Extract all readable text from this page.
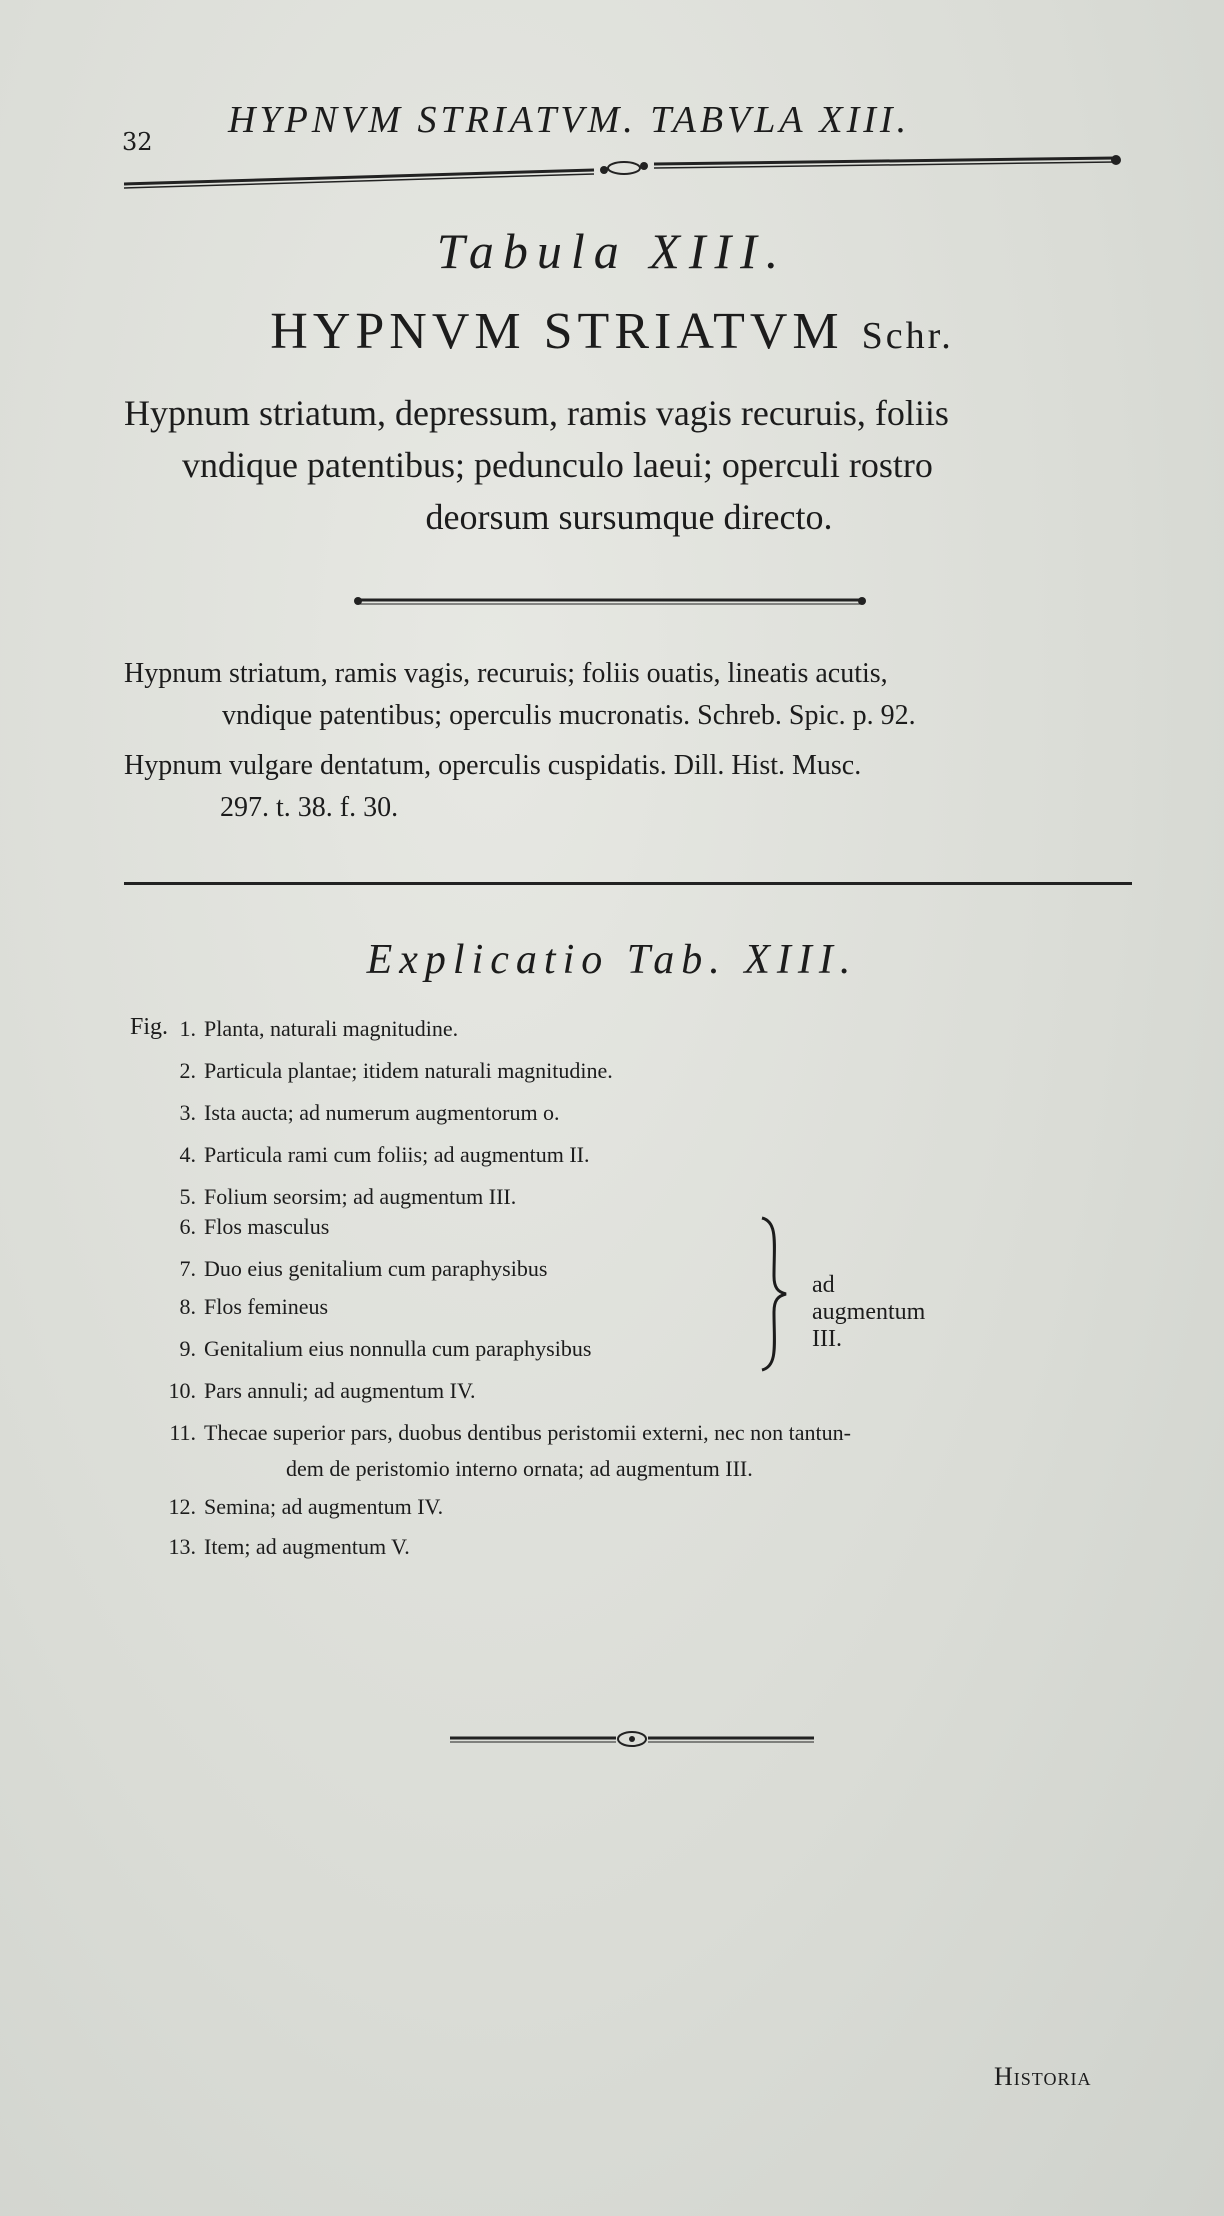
32
HYPNVM STRIATVM. TABVLA XIII.
Tabula XIII.
HYPNVM STRIATVM Schr.
Hypnum striatum, depressum, ramis vagis recuruis, foliis
vndique patentibus; pedunculo laeui; operculi rostro
deorsum sursumque directo.
Hypnum striatum, ramis vagis, recuruis; foliis ouatis, lineatis acutis,
vndique patentibus; operculis mucronatis. Schreb. Spic. p. 92.
Hypnum vulgare dentatum, operculis cuspidatis. Dill. Hist. Musc.
297. t. 38. f. 30.
Explicatio Tab. XIII.
Fig. 1. Planta, naturali magnitudine.
2. Particula plantae; itidem naturali magnitudine.
3. Ista aucta; ad numerum augmentorum o.
4. Particula rami cum foliis; ad augmentum II.
5. Folium seorsim; ad augmentum III.
6. Flos masculus
7. Duo eius genitalium cum paraphysibus
8. Flos femineus
9. Genitalium eius nonnulla cum paraphysibus
ad augmentum III.
10. Pars annuli; ad augmentum IV.
11. Thecae superior pars, duobus dentibus peristomii externi, nec non tantun-
dem de peristomio interno ornata; ad augmentum III.
12. Semina; ad augmentum IV.
13. Item; ad augmentum V.
Historia
